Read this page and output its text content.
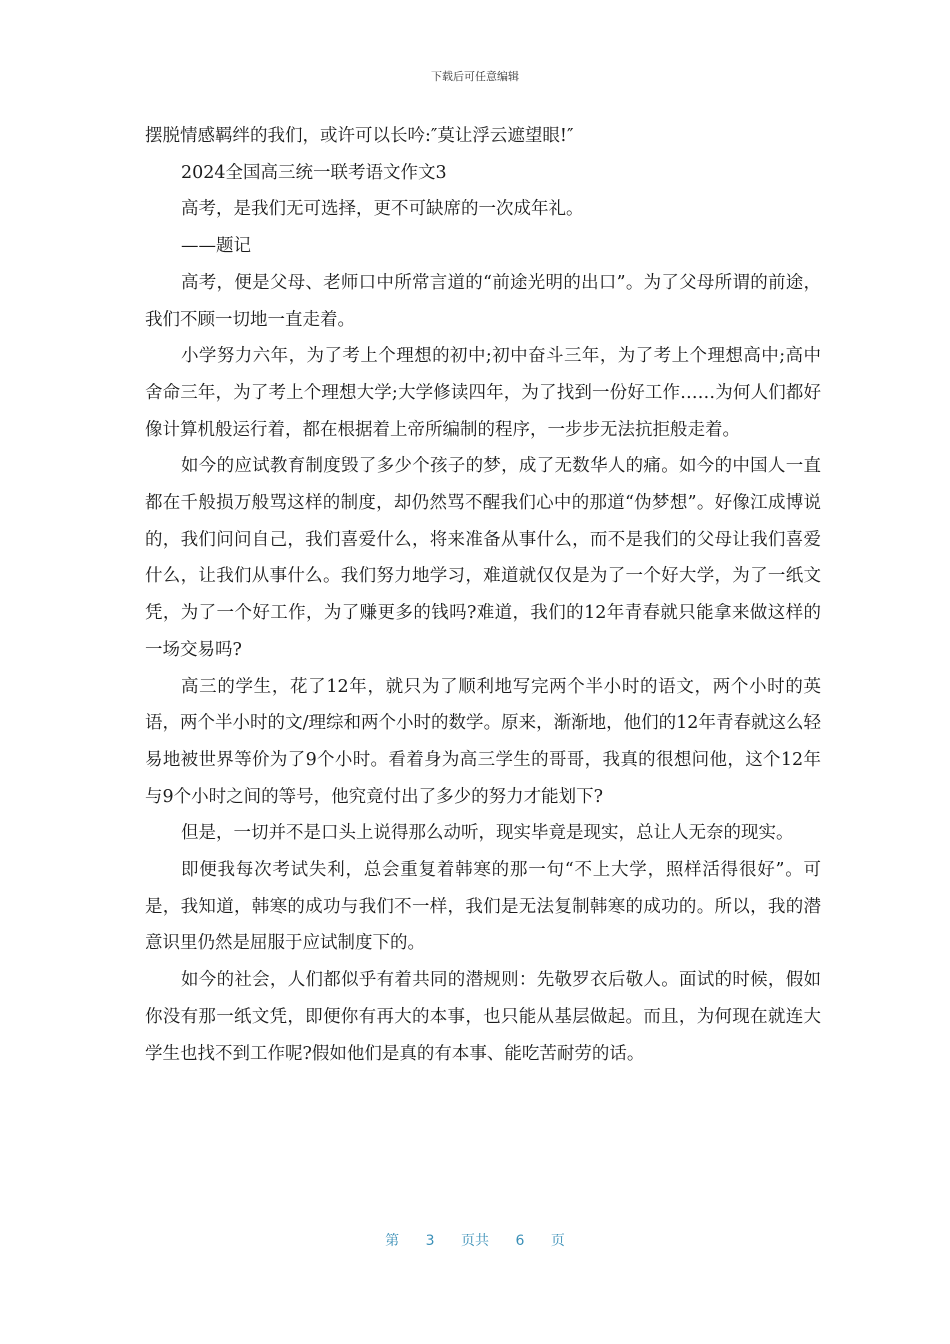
下载后可任意编辑

摆脱情感羁绊的我们，或许可以长吟:″莫让浮云遮望眼!″

2024全国高三统一联考语文作文3

高考，是我们无可选择，更不可缺席的一次成年礼。

——题记

高考，便是父母、老师口中所常言道的“前途光明的出口”。为了父母所谓的前途，我们不顾一切地一直走着。

小学努力六年，为了考上个理想的初中;初中奋斗三年，为了考上个理想高中;高中舍命三年，为了考上个理想大学;大学修读四年，为了找到一份好工作……为何人们都好像计算机般运行着，都在根据着上帝所编制的程序，一步步无法抗拒般走着。

如今的应试教育制度毁了多少个孩子的梦，成了无数华人的痛。如今的中国人一直都在千般损万般骂这样的制度，却仍然骂不醒我们心中的那道“伪梦想”。好像江成博说的，我们问问自己，我们喜爱什么，将来准备从事什么，而不是我们的父母让我们喜爱什么，让我们从事什么。我们努力地学习，难道就仅仅是为了一个好大学，为了一纸文凭，为了一个好工作，为了赚更多的钱吗?难道，我们的12年青春就只能拿来做这样的一场交易吗?

高三的学生，花了12年，就只为了顺利地写完两个半小时的语文，两个小时的英语，两个半小时的文/理综和两个小时的数学。原来，渐渐地，他们的12年青春就这么轻易地被世界等价为了9个小时。看着身为高三学生的哥哥，我真的很想问他，这个12年与9个小时之间的等号，他究竟付出了多少的努力才能划下?

但是，一切并不是口头上说得那么动听，现实毕竟是现实，总让人无奈的现实。

即便我每次考试失利，总会重复着韩寒的那一句“不上大学，照样活得很好”。可是，我知道，韩寒的成功与我们不一样，我们是无法复制韩寒的成功的。所以，我的潜意识里仍然是屈服于应试制度下的。

如今的社会，人们都似乎有着共同的潜规则：先敬罗衣后敬人。面试的时候，假如你没有那一纸文凭，即便你有再大的本事，也只能从基层做起。而且，为何现在就连大学生也找不到工作呢?假如他们是真的有本事、能吃苦耐劳的话。

第 3 页共 6 页
